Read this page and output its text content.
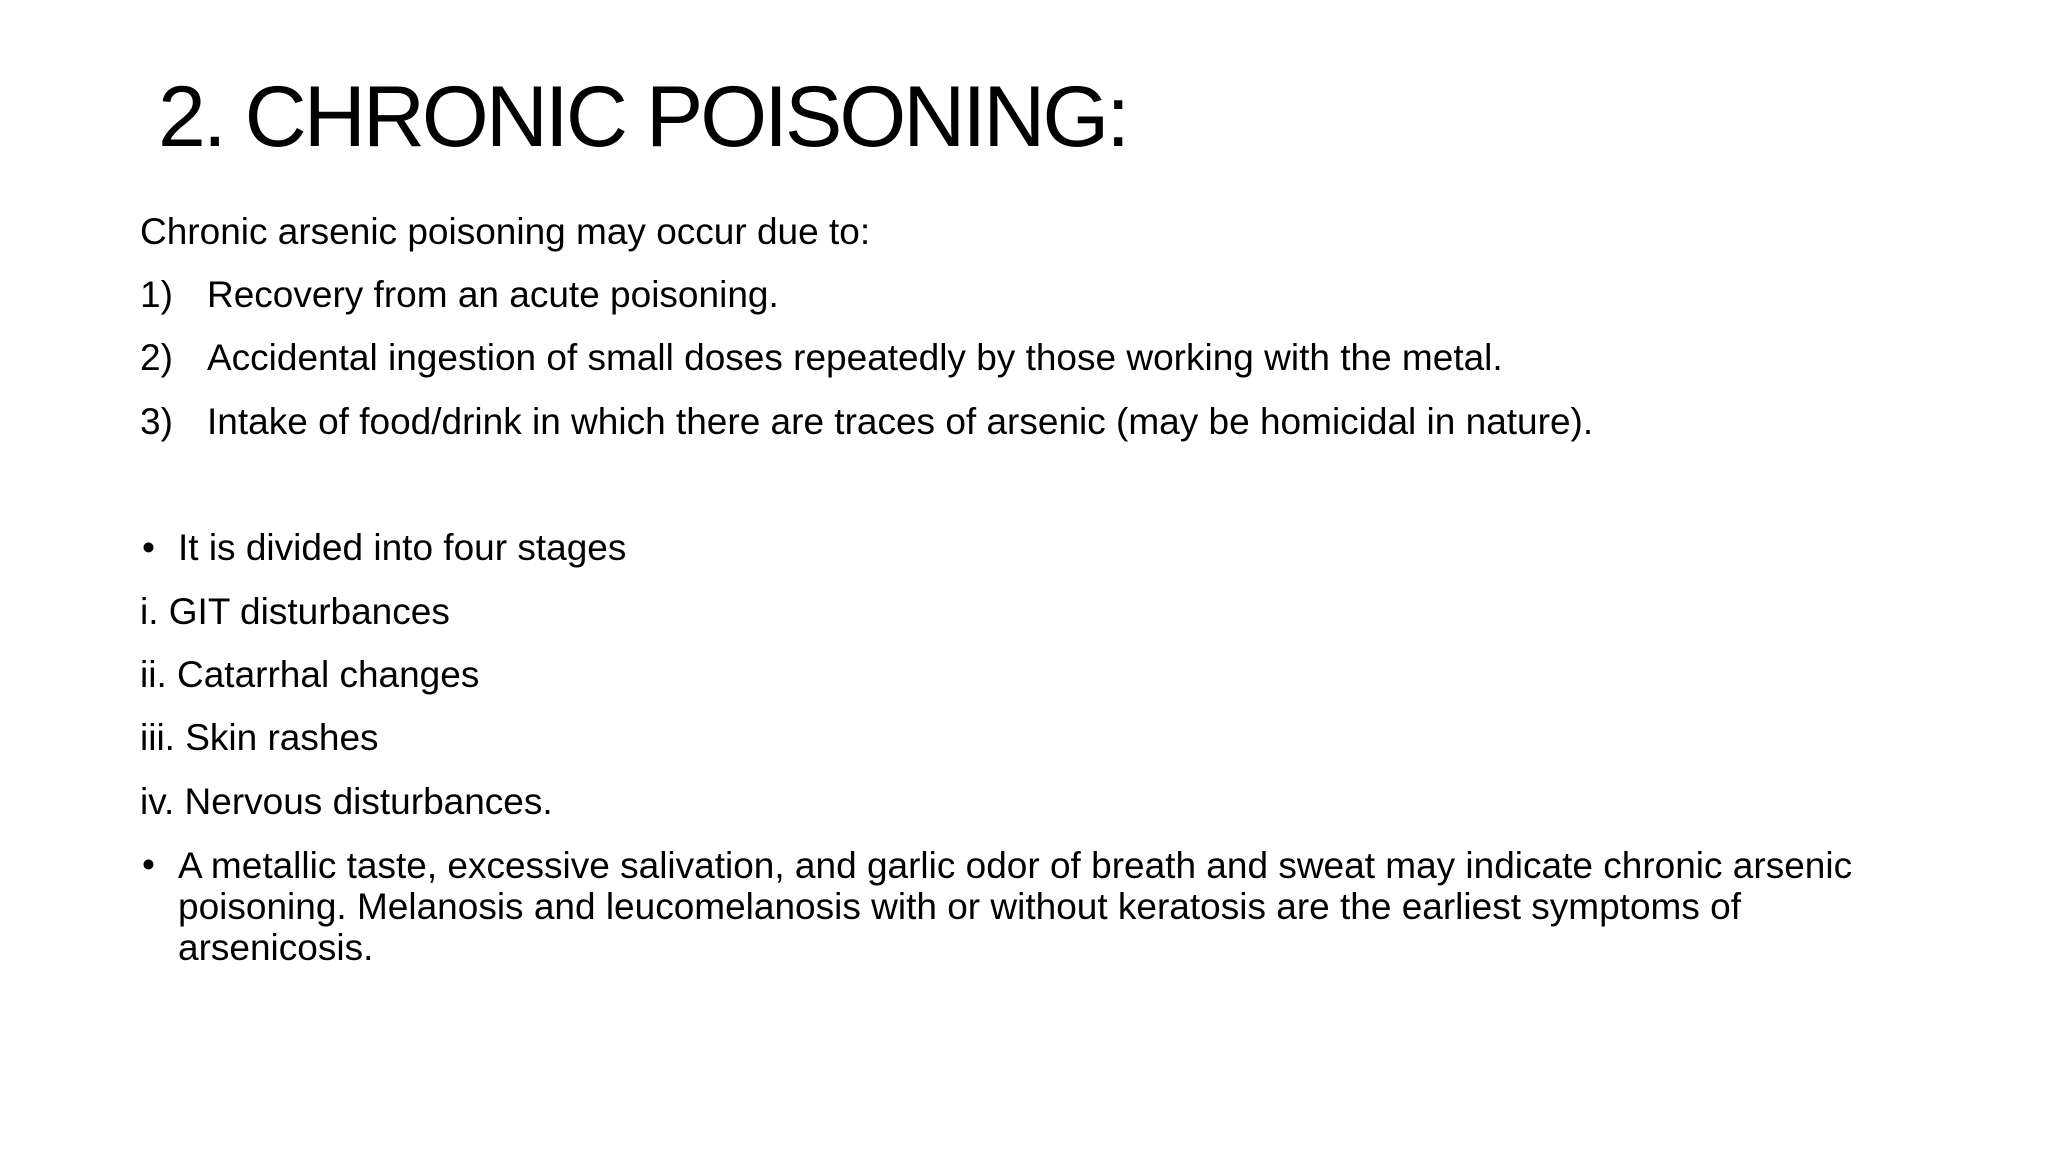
2. CHRONIC POISONING:
Chronic arsenic poisoning may occur due to:
1) Recovery from an acute poisoning.
2) Accidental ingestion of small doses repeatedly by those working with the metal.
3) Intake of food/drink in which there are traces of arsenic (may be homicidal in nature).
• It is divided into four stages
i. GIT disturbances
ii. Catarrhal changes
iii. Skin rashes
iv. Nervous disturbances.
• A metallic taste, excessive salivation, and garlic odor of breath and sweat may indicate chronic arsenic poisoning. Melanosis and leucomelanosis with or without keratosis are the earliest symptoms of arsenicosis.
